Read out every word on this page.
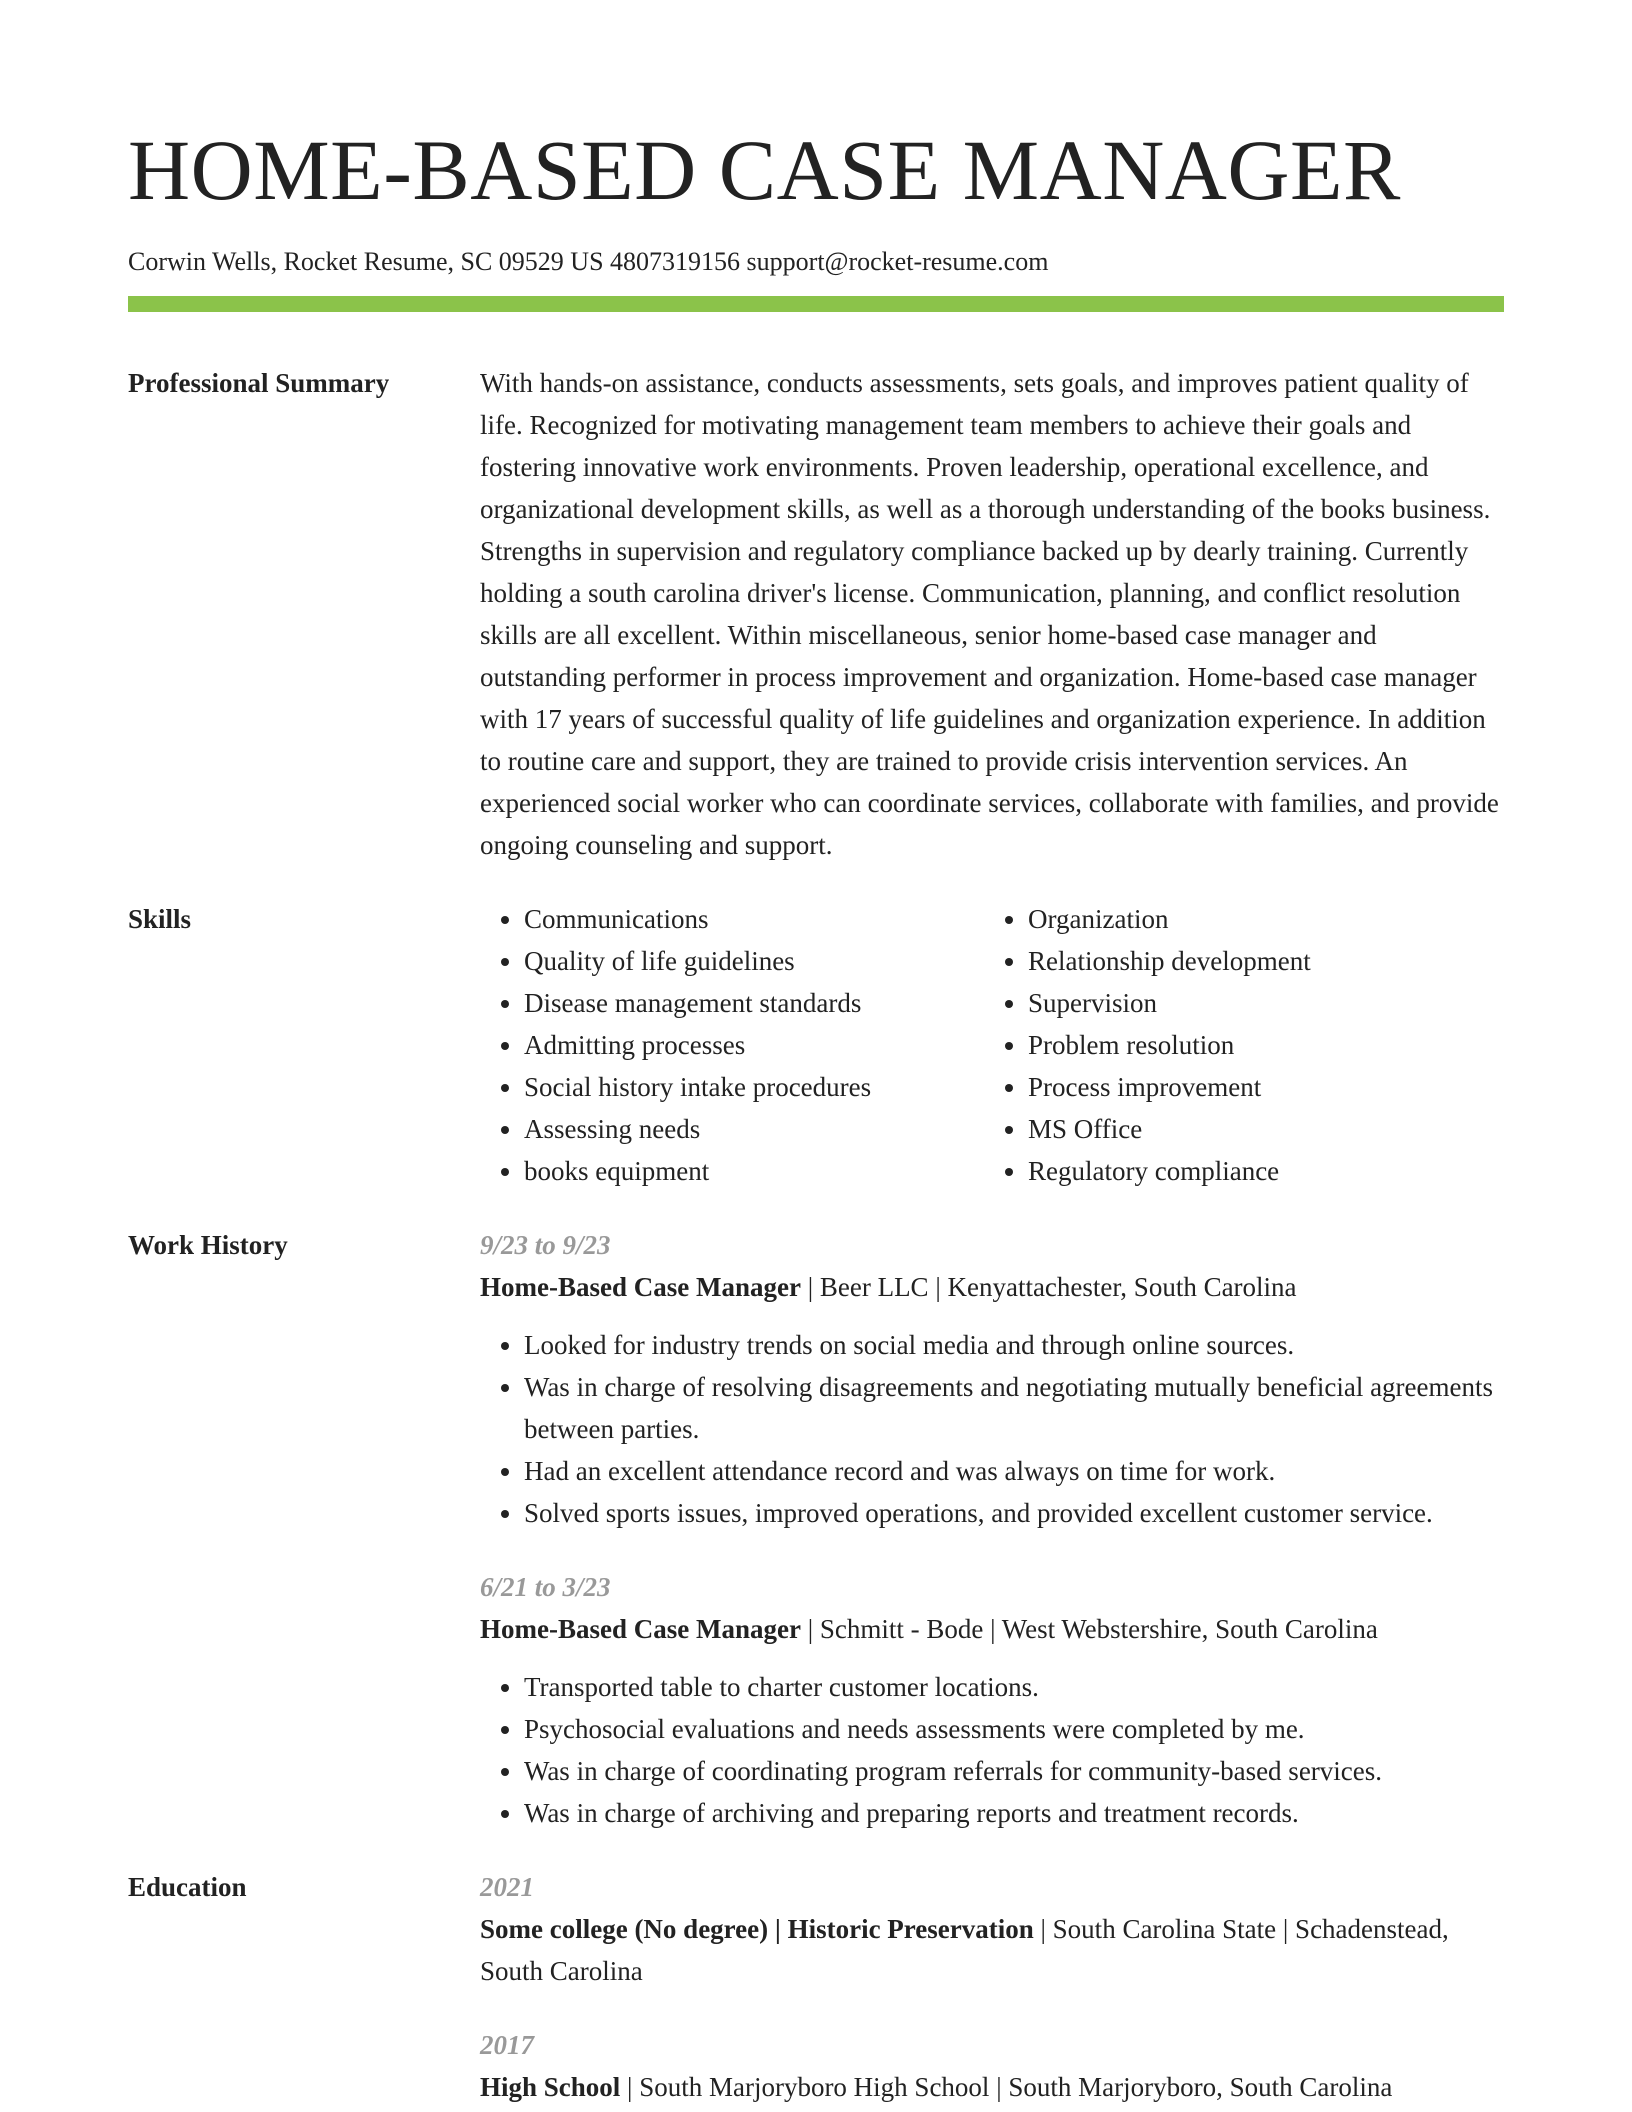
HOME-BASED CASE MANAGER
Corwin Wells, Rocket Resume, SC 09529 US 4807319156 support@rocket-resume.com
Professional Summary	With hands-on assistance, conducts assessments, sets goals, and improves patient quality of life. Recognized for motivating management team members to achieve their goals and fostering innovative work environments. Proven leadership, operational excellence, and organizational development skills, as well as a thorough understanding of the books business. Strengths in supervision and regulatory compliance backed up by dearly training. Currently holding a south carolina driver's license. Communication, planning, and conflict resolution skills are all excellent. Within miscellaneous, senior home-based case manager and outstanding performer in process improvement and organization. Home-based case manager with 17 years of successful quality of life guidelines and organization experience. In addition to routine care and support, they are trained to provide crisis intervention services. An experienced social worker who can coordinate services, collaborate with families, and provide ongoing counseling and support.

Skills
•	Communications
• Quality of life guidelines
• Disease management standards
• Admitting processes
• Social history intake procedures
• Assessing needs
• books equipment
• Organization
• Relationship development
• Supervision
• Problem resolution
• Process improvement
• MS Office
• Regulatory compliance
Work History	9/23 to 9/23
Home-Based Case Manager | Beer LLC | Kenyattachester, South Carolina
• Looked for industry trends on social media and through online sources.
• Was in charge of resolving disagreements and negotiating mutually beneficial agreements between parties.
• Had an excellent attendance record and was always on time for work.
• Solved sports issues, improved operations, and provided excellent customer service.
6/21 to 3/23
Home-Based Case Manager | Schmitt - Bode | West Webstershire, South Carolina
• Transported table to charter customer locations.
• Psychosocial evaluations and needs assessments were completed by me.
• Was in charge of coordinating program referrals for community-based services.
• Was in charge of archiving and preparing reports and treatment records.
Education	2021
Some college (No degree) | Historic Preservation | South Carolina State | Schadenstead, South Carolina
2017
High School | South Marjoryboro High School | South Marjoryboro, South Carolina
